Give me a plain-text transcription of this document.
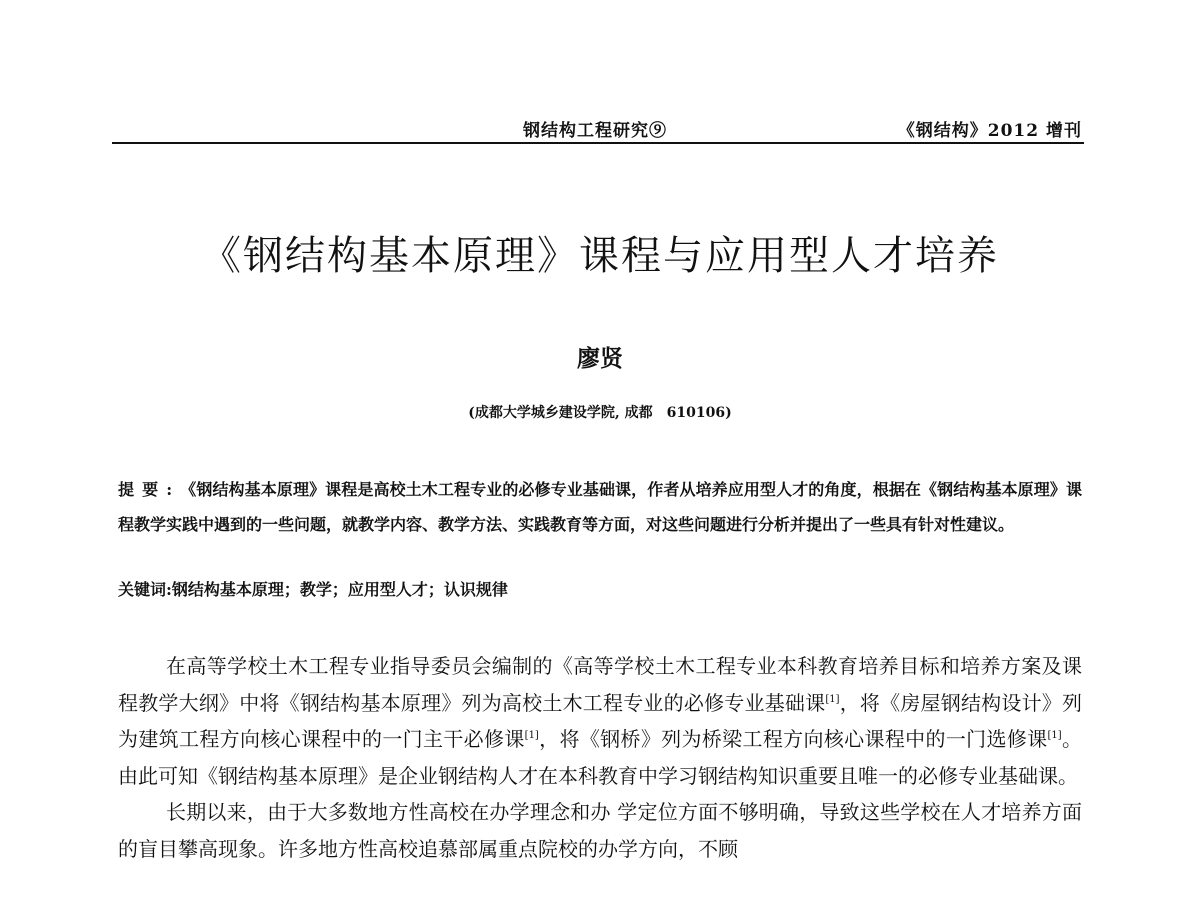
钢结构工程研究⑨	《钢结构》2012 增刊
《钢结构基本原理》课程与应用型人才培养
廖贤
(成都大学城乡建设学院, 成都　610106)
提要:《钢结构基本原理》课程是高校土木工程专业的必修专业基础课，作者从培养应用型人才的角度，根据在《钢结构基本原理》课程教学实践中遇到的一些问题，就教学内容、教学方法、实践教育等方面，对这些问题进行分析并提出了一些具有针对性建议。
关键词:钢结构基本原理；教学；应用型人才；认识规律

在高等学校土木工程专业指导委员会编制的《高等学校土木工程专业本科教育培养目标和培养方案及课程教学大纲》中将《钢结构基本原理》列为高校土木工程专业的必修专业基础课[1]，将《房屋钢结构设计》列为建筑工程方向核心课程中的一门主干必修课[1]，将《钢桥》列为桥梁工程方向核心课程中的一门选修课[1]。由此可知《钢结构基本原理》是企业钢结构人才在本科教育中学习钢结构知识重要且唯一的必修专业基础课。

长期以来，由于大多数地方性高校在办学理念和办 学定位方面不够明确，导致这些学校在人才培养方面的盲目攀高现象。许多地方性高校追慕部属重点院校的办学方向，不顾
